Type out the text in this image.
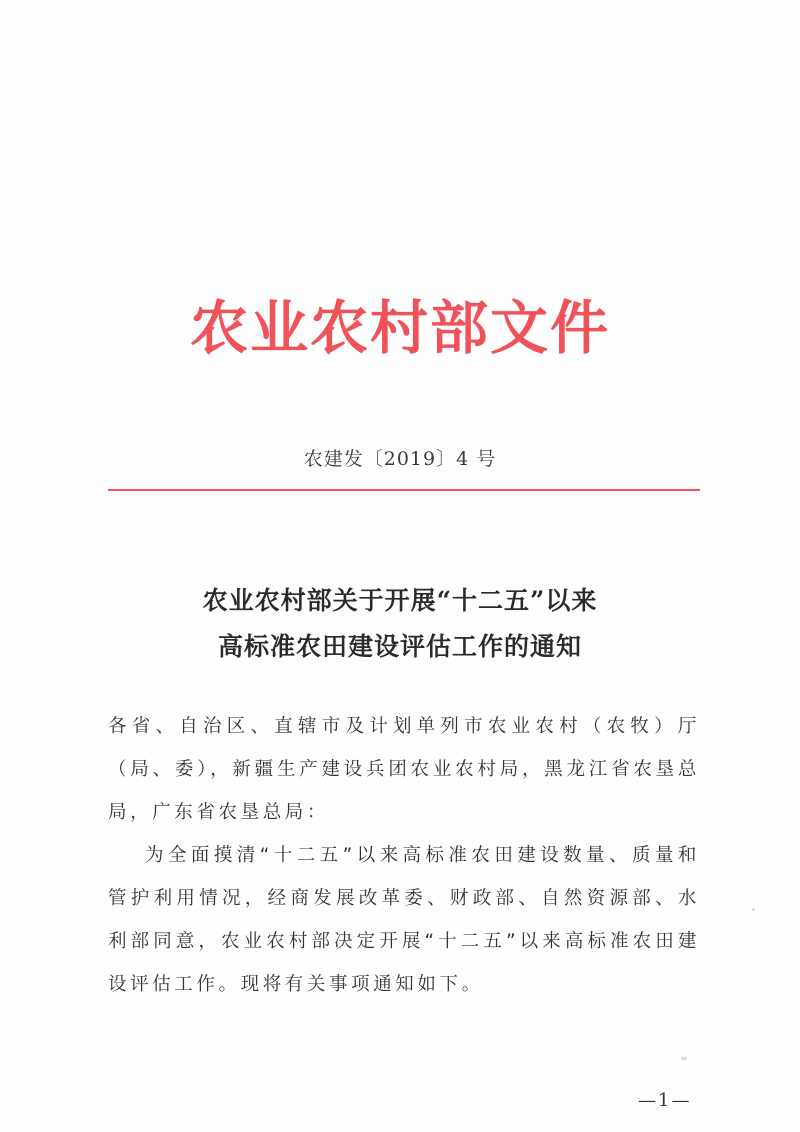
农业农村部文件
农建发〔2019〕4 号
农业农村部关于开展“十二五”以来
高标准农田建设评估工作的通知

各省、自治区、直辖市及计划单列市农业农村（农牧）厅（局、委），新疆生产建设兵团农业农村局，黑龙江省农垦总局，广东省农垦总局：

为全面摸清“十二五”以来高标准农田建设数量、质量和管护利用情况，经商发展改革委、财政部、自然资源部、水利部同意，农业农村部决定开展“十二五”以来高标准农田建设评估工作。现将有关事项通知如下。

—1—
